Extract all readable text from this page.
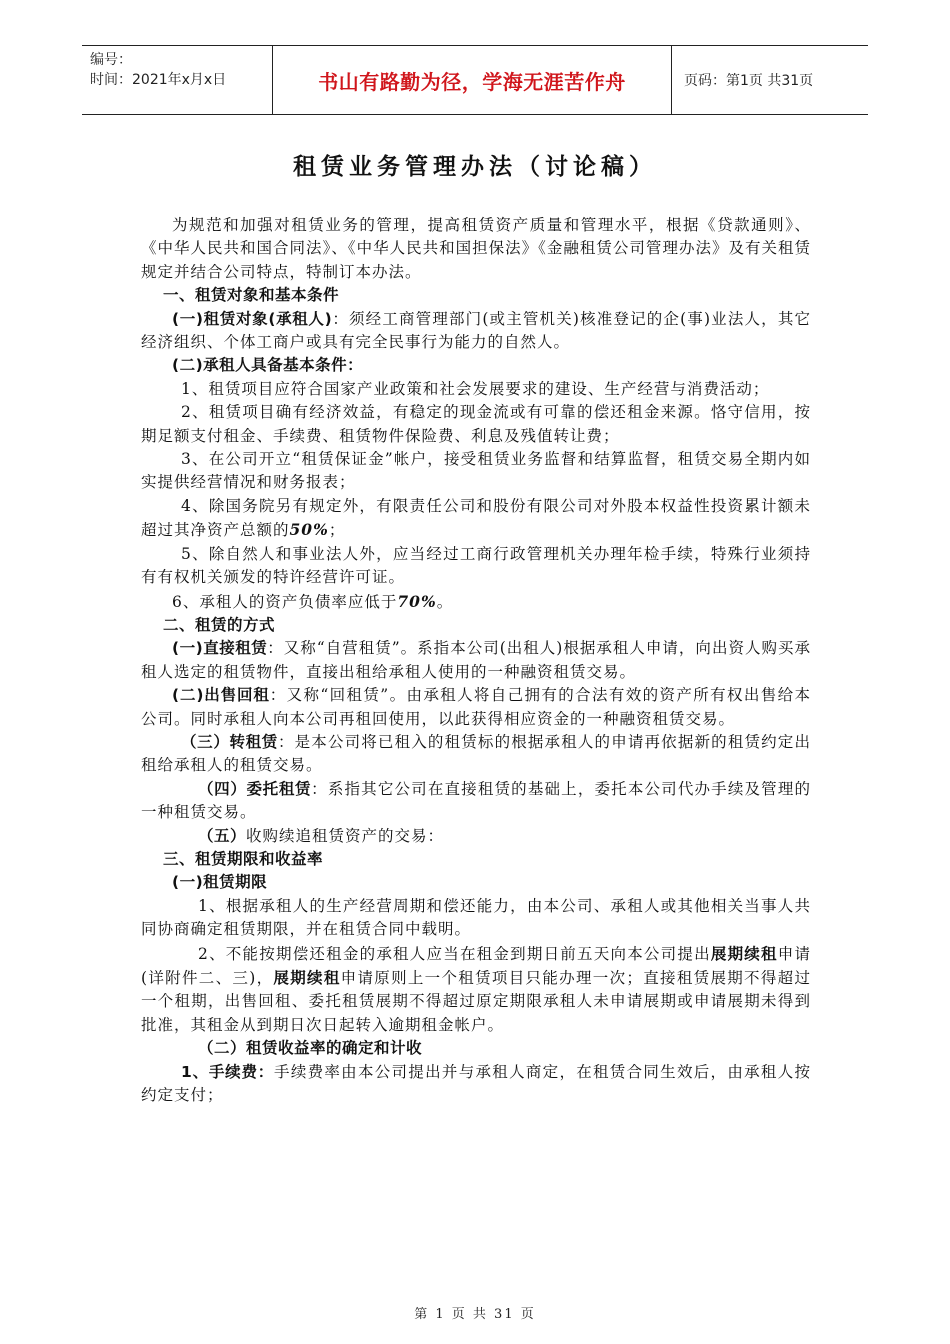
编号：
时间：2021年x月x日	书山有路勤为径，学海无涯苦作舟	页码：第1页 共31页
租赁业务管理办法（讨论稿）

为规范和加强对租赁业务的管理，提高租赁资产质量和管理水平，根据《贷款通则》、《中华人民共和国合同法》、《中华人民共和国担保法》《金融租赁公司管理办法》及有关租赁规定并结合公司特点，特制订本办法。

一、租赁对象和基本条件

(一)租赁对象(承租人)：须经工商管理部门(或主管机关)核准登记的企(事)业法人，其它经济组织、个体工商户或具有完全民事行为能力的自然人。

(二)承租人具备基本条件：

1、租赁项目应符合国家产业政策和社会发展要求的建设、生产经营与消费活动；

2、租赁项目确有经济效益，有稳定的现金流或有可靠的偿还租金来源。恪守信用，按期足额支付租金、手续费、租赁物件保险费、利息及残值转让费；

3、在公司开立“租赁保证金”帐户，接受租赁业务监督和结算监督，租赁交易全期内如实提供经营情况和财务报表；

4、除国务院另有规定外，有限责任公司和股份有限公司对外股本权益性投资累计额未超过其净资产总额的50%；

5、除自然人和事业法人外，应当经过工商行政管理机关办理年检手续，特殊行业须持有有权机关颁发的特许经营许可证。

6、承租人的资产负债率应低于70%。

二、租赁的方式

(一)直接租赁：又称“自营租赁”。系指本公司(出租人)根据承租人申请，向出资人购买承租人选定的租赁物件，直接出租给承租人使用的一种融资租赁交易。

(二)出售回租：又称“回租赁”。由承租人将自己拥有的合法有效的资产所有权出售给本公司。同时承租人向本公司再租回使用，以此获得相应资金的一种融资租赁交易。

（三）转租赁：是本公司将已租入的租赁标的根据承租人的申请再依据新的租赁约定出租给承租人的租赁交易。

（四）委托租赁：系指其它公司在直接租赁的基础上，委托本公司代办手续及管理的一种租赁交易。

（五）收购续追租赁资产的交易：

三、租赁期限和收益率

(一)租赁期限

1、根据承租人的生产经营周期和偿还能力，由本公司、承租人或其他相关当事人共同协商确定租赁期限，并在租赁合同中载明。

2、不能按期偿还租金的承租人应当在租金到期日前五天向本公司提出展期续租申请(详附件二、三)，展期续租申请原则上一个租赁项目只能办理一次；直接租赁展期不得超过一个租期，出售回租、委托租赁展期不得超过原定期限承租人未申请展期或申请展期未得到批准，其租金从到期日次日起转入逾期租金帐户。

（二）租赁收益率的确定和计收

1、手续费：手续费率由本公司提出并与承租人商定，在租赁合同生效后，由承租人按约定支付；

第 1 页 共 31 页
